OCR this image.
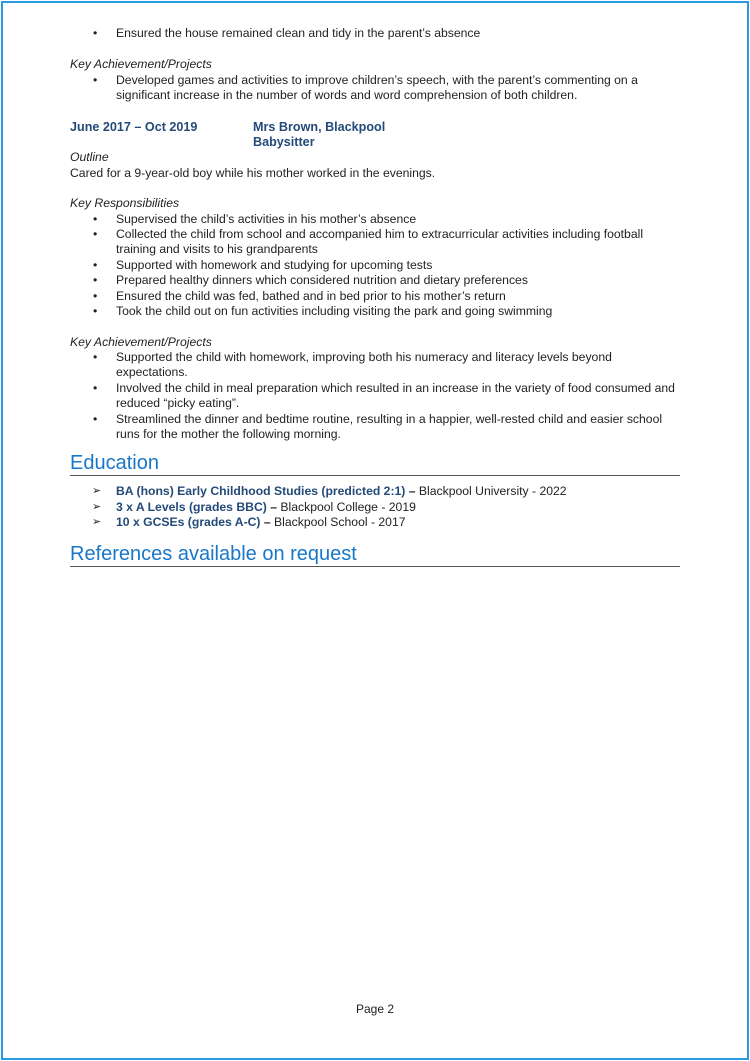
• Ensured the house remained clean and tidy in the parent’s absence
Key Achievement/Projects
• Developed games and activities to improve children’s speech, with the parent’s commenting on a significant increase in the number of words and word comprehension of both children.
June 2017 – Oct 2019	Mrs Brown, Blackpool
Babysitter
Outline
Cared for a 9-year-old boy while his mother worked in the evenings.
Key Responsibilities
• Supervised the child’s activities in his mother’s absence
• Collected the child from school and accompanied him to extracurricular activities including football training and visits to his grandparents
• Supported with homework and studying for upcoming tests
• Prepared healthy dinners which considered nutrition and dietary preferences
• Ensured the child was fed, bathed and in bed prior to his mother’s return
• Took the child out on fun activities including visiting the park and going swimming
Key Achievement/Projects
• Supported the child with homework, improving both his numeracy and literacy levels beyond expectations.
• Involved the child in meal preparation which resulted in an increase in the variety of food consumed and reduced “picky eating”.
• Streamlined the dinner and bedtime routine, resulting in a happier, well-rested child and easier school runs for the mother the following morning.
Education
➢ BA (hons) Early Childhood Studies (predicted 2:1) – Blackpool University - 2022
➢ 3 x A Levels (grades BBC) – Blackpool College - 2019
➢ 10 x GCSEs (grades A-C) – Blackpool School - 2017
References available on request
Page 2
